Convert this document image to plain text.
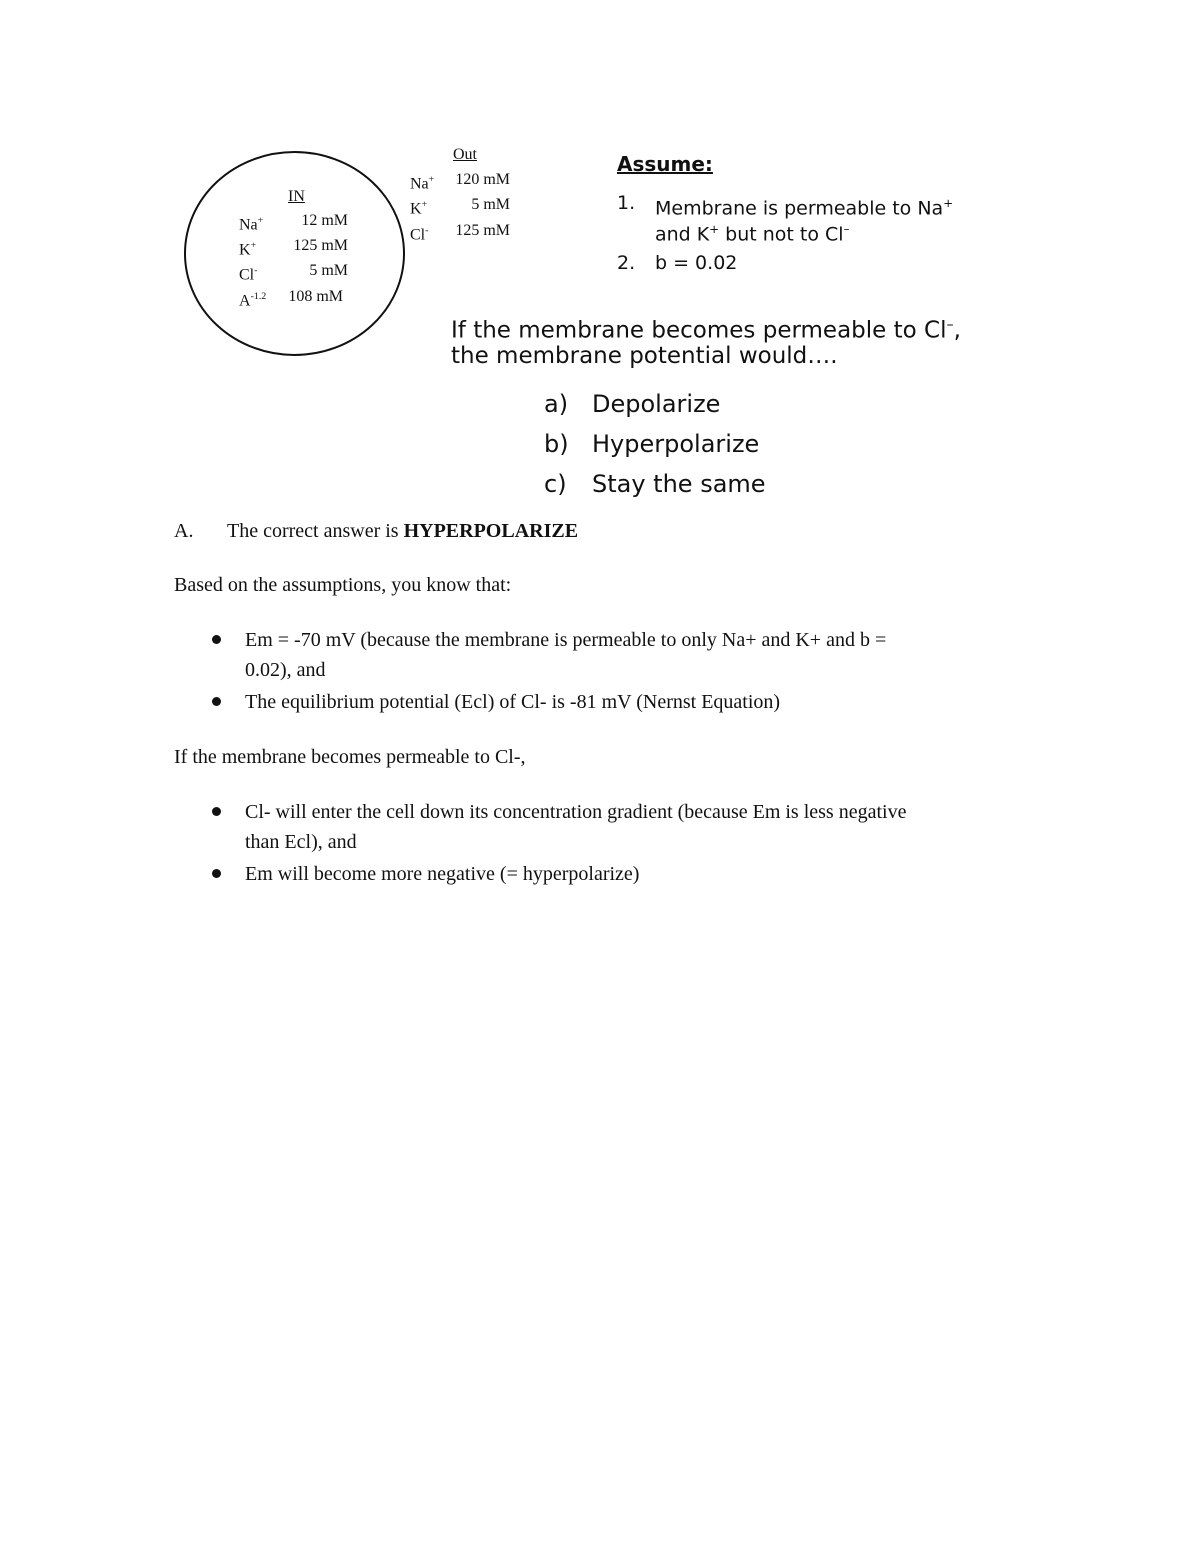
IN
Na+	12 mM
K+	125 mM
Cl-	5 mM
$A^{-1.2}$	108 mM
Out
Na+	120 mM
K+	5 mM
Cl-	125 mM
Assume:
1. Membrane is permeable to Na+
and K+ but not to Cl–
2. b = 0.02
If the membrane becomes permeable to Cl–,
the membrane potential would….
a) Depolarize
b) Hyperpolarize
c) Stay the same
A. The correct answer is HYPERPOLARIZE
Based on the assumptions, you know that:
Em = -70 mV (because the membrane is permeable to only Na+ and K+ and b =
0.02), and
The equilibrium potential (Ecl) of Cl- is -81 mV (Nernst Equation)
If the membrane becomes permeable to Cl-,
Cl- will enter the cell down its concentration gradient (because Em is less negative
than Ecl), and
Em will become more negative (= hyperpolarize)
